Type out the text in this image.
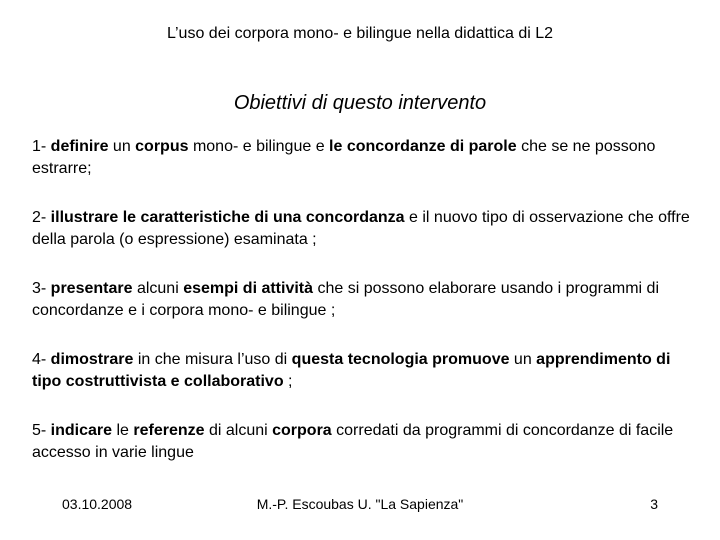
L’uso dei corpora mono- e bilingue nella didattica di L2
Obiettivi di questo intervento
1- definire un corpus mono- e bilingue e le concordanze di parole che se ne possono estrarre;
2- illustrare le caratteristiche di una concordanza e il nuovo tipo di osservazione che offre della parola (o espressione) esaminata ;
3- presentare alcuni esempi di attività che si possono elaborare usando i programmi di concordanze e i corpora mono- e bilingue ;
4- dimostrare in che misura l’uso di questa tecnologia promuove un apprendimento di tipo costruttivista e collaborativo ;
5- indicare le referenze di alcuni corpora corredati da programmi di concordanze di facile accesso in varie lingue
03.10.2008	M.-P. Escoubas U. "La Sapienza"	3
